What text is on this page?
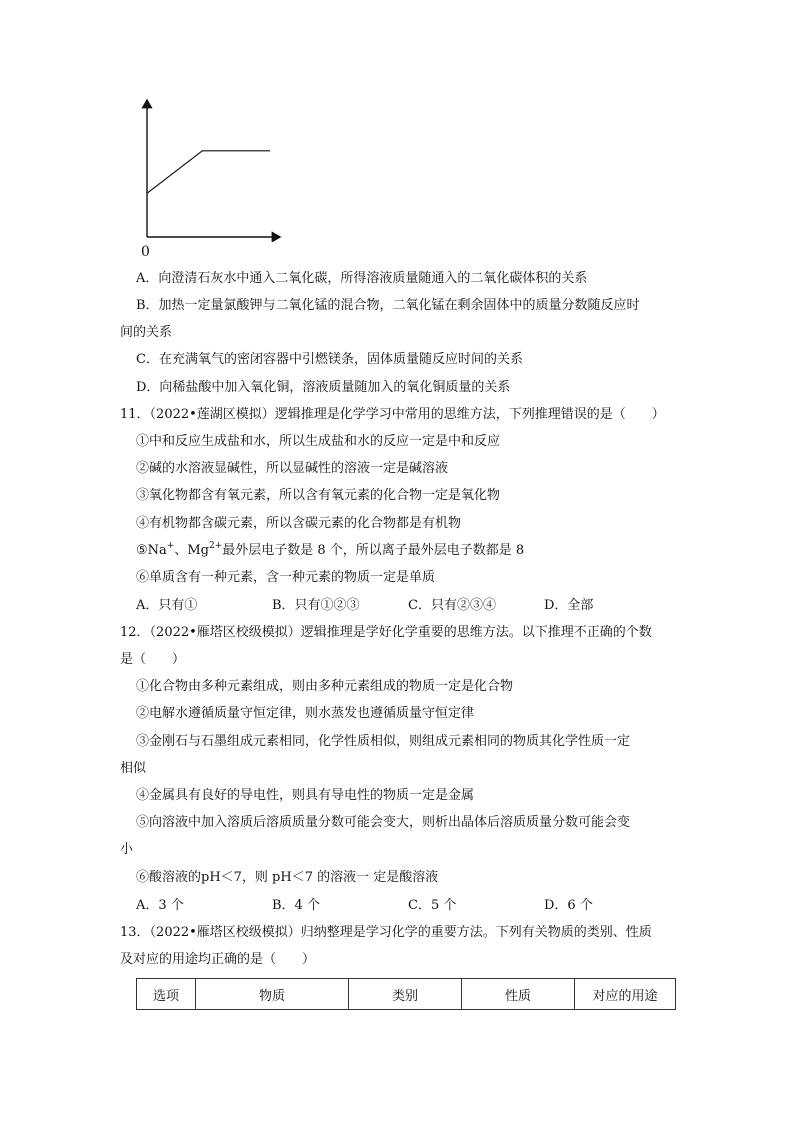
0
A．向澄清石灰水中通入二氧化碳，所得溶液质量随通入的二氧化碳体积的关系
B．加热一定量氯酸钾与二氧化锰的混合物，二氧化锰在剩余固体中的质量分数随反应时
间的关系
C．在充满氧气的密闭容器中引燃镁条，固体质量随反应时间的关系
D．向稀盐酸中加入氧化铜，溶液质量随加入的氧化铜质量的关系
11．（2022•莲湖区模拟）逻辑推理是化学学习中常用的思维方法，下列推理错误的是（　　）
①中和反应生成盐和水，所以生成盐和水的反应一定是中和反应
②碱的水溶液显碱性，所以显碱性的溶液一定是碱溶液
③氧化物都含有氧元素，所以含有氧元素的化合物一定是氧化物
④有机物都含碳元素，所以含碳元素的化合物都是有机物
⑤Na+、$Mg^{2+}$最外层电子数是 8 个，所以离子最外层电子数都是 8
⑥单质含有一种元素，含一种元素的物质一定是单质
A．只有①	B．只有①②③	C．只有②③④	D．全部
12．（2022•雁塔区校级模拟）逻辑推理是学好化学重要的思维方法。以下推理不正确的个数
是（　　）
①化合物由多种元素组成，则由多种元素组成的物质一定是化合物
②电解水遵循质量守恒定律，则水蒸发也遵循质量守恒定律
③金刚石与石墨组成元素相同，化学性质相似，则组成元素相同的物质其化学性质一定
相似
④金属具有良好的导电性，则具有导电性的物质一定是金属
⑤向溶液中加入溶质后溶质质量分数可能会变大，则析出晶体后溶质质量分数可能会变
小
⑥酸溶液的pH＜7，则 pH＜7 的溶液一 定是酸溶液
A．3 个	B．4 个	C．5 个	D．6 个
13．（2022•雁塔区校级模拟）归纳整理是学习化学的重要方法。下列有关物质的类别、性质
及对应的用途均正确的是（　　）
选项	物质	类别	性质	对应的用途
